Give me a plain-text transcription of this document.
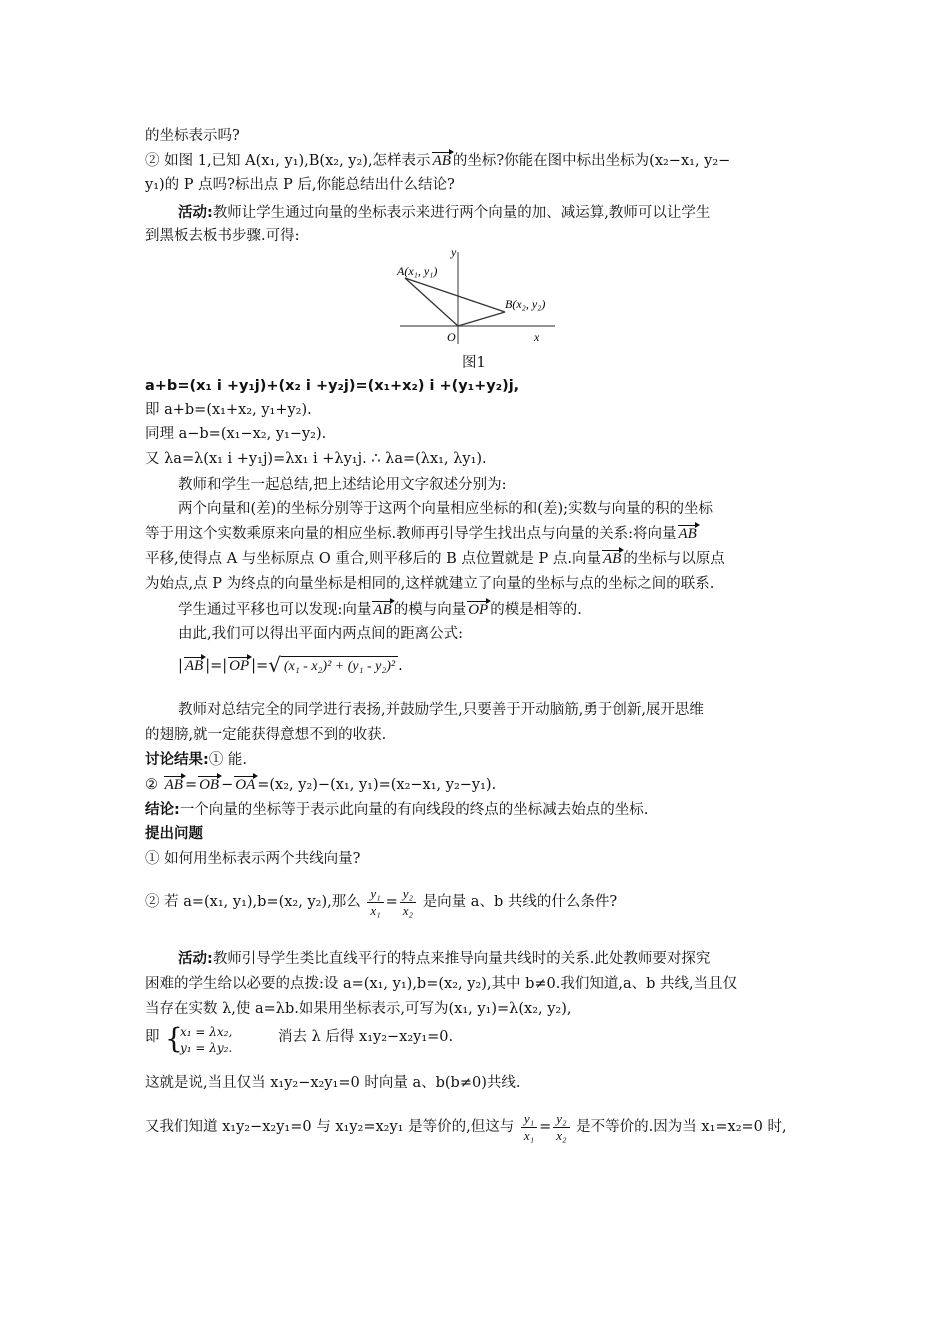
的坐标表示吗?
② 如图 1,已知 A(x₁, y₁),B(x₂, y₂),怎样表示 AB 的坐标?你能在图中标出坐标为(x₂−x₁, y₂−
y₁)的 P 点吗?标出点 P 后,你能总结出什么结论?
活动:教师让学生通过向量的坐标表示来进行两个向量的加、减运算,教师可以让学生
到黑板去板书步骤.可得:
A(x₁, y₁)
B(x₂, y₂)
O	x
y
图1
a+b=(x₁ i +y₁j)+(x₂ i +y₂j)=(x₁+x₂) i +(y₁+y₂)j,
即 a+b=(x₁+x₂, y₁+y₂).
同理 a−b=(x₁−x₂, y₁−y₂).
又 λa=λ(x₁ i +y₁j)=λx₁ i +λy₁j. ∴ λa=(λx₁, λy₁).
教师和学生一起总结,把上述结论用文字叙述分别为:
两个向量和(差)的坐标分别等于这两个向量相应坐标的和(差);实数与向量的积的坐标
等于用这个实数乘原来向量的相应坐标.教师再引导学生找出点与向量的关系:将向量 AB
平移,使得点 A 与坐标原点 O 重合,则平移后的 B 点位置就是 P 点.向量 AB 的坐标与以原点
为始点,点 P 为终点的向量坐标是相同的,这样就建立了向量的坐标与点的坐标之间的联系.
学生通过平移也可以发现:向量 AB 的模与向量 OP 的模是相等的.
由此,我们可以得出平面内两点间的距离公式:
| AB |=| OP |=√ (x₁ - x₂)² + (y₁ - y₂)² .
教师对总结完全的同学进行表扬,并鼓励学生,只要善于开动脑筋,勇于创新,展开思维
的翅膀,就一定能获得意想不到的收获.
讨论结果:① 能.
② AB = OB − OA =(x₂, y₂)−(x₁, y₁)=(x₂−x₁, y₂−y₁).
结论:一个向量的坐标等于表示此向量的有向线段的终点的坐标减去始点的坐标.
提出问题
① 如何用坐标表示两个共线向量?
② 若 a=(x₁, y₁),b=(x₂, y₂),那么 $\frac{\text{y₁}}{\text{x₁}} = \frac{\text{y₂}}{\text{x₂}}$ 是向量 a、b 共线的什么条件?
活动:教师引导学生类比直线平行的特点来推导向量共线时的关系.此处教师要对探究
困难的学生给以必要的点拨:设 a=(x₁, y₁),b=(x₂, y₂),其中 b≠0.我们知道,a、b 共线,当且仅
当存在实数 λ,使 a=λb.如果用坐标表示,可写为(x₁, y₁)=λ(x₂, y₂),
即 {
x₁ = λx₂,
y₁ = λy₂.
消去 λ 后得 x₁y₂−x₂y₁=0.
这就是说,当且仅当 x₁y₂−x₂y₁=0 时向量 a、b(b≠0)共线.
又我们知道 x₁y₂−x₂y₁=0 与 x₁y₂=x₂y₁ 是等价的,但这与 $\frac{\text{y₁}}{\text{x₁}} = \frac{\text{y₂}}{\text{x₂}}$ 是不等价的.因为当 x₁=x₂=0 时,
